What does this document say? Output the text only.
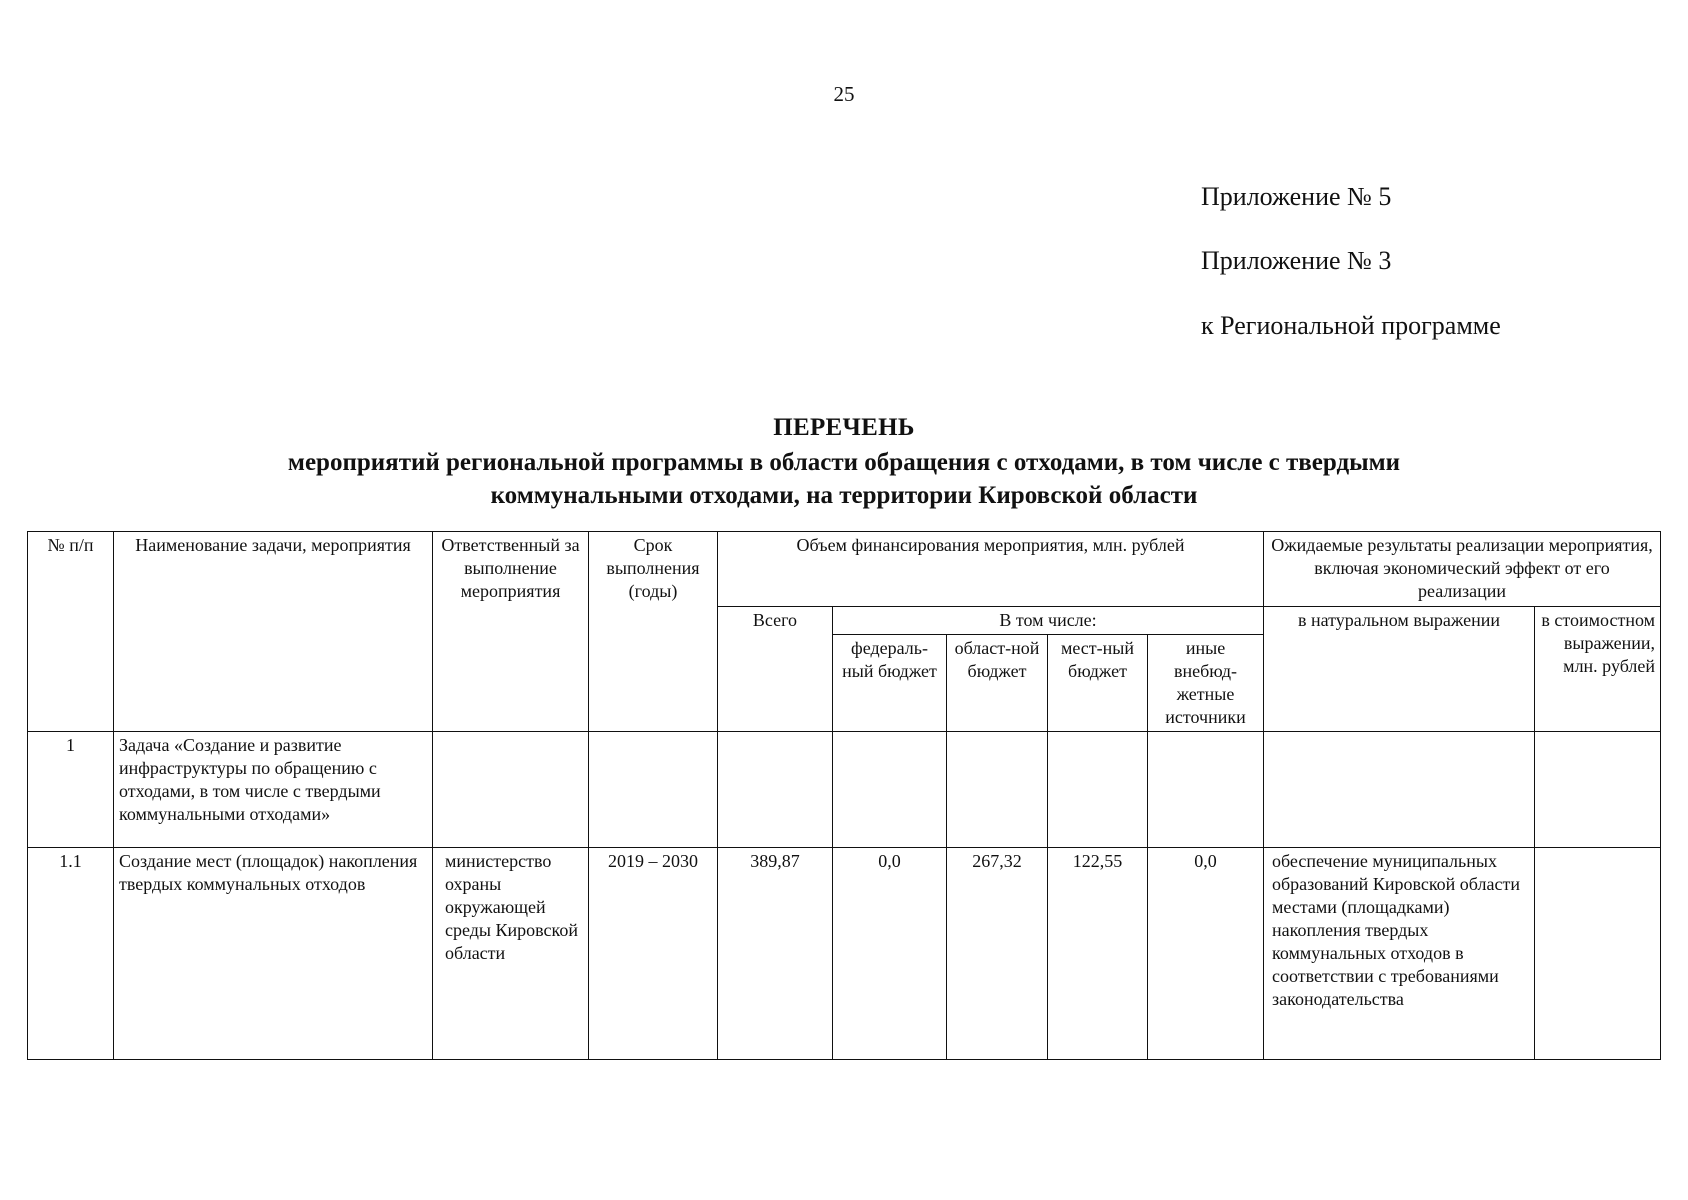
25
Приложение № 5
Приложение № 3
к Региональной программе
ПЕРЕЧЕНЬ
мероприятий региональной программы в области обращения с отходами, в том числе с твердыми коммунальными отходами, на территории Кировской области
№ п/п	Наименование задачи, мероприятия	Ответственный за выполнение мероприятия	Срок выполнения (годы)	Объем финансирования мероприятия, млн. рублей					Ожидаемые результаты реализации мероприятия, включая экономический эффект от его реализации	
				Всего	В том числе:				в натуральном выражении	в стоимостном выражении, млн. рублей
					федераль-ный бюджет	област-ной бюджет	мест-ный бюджет	иные внебюд-жетные источники		
1	Задача «Создание и развитие инфраструктуры по обращению с отходами, в том числе с твердыми коммунальными отходами»									
1.1	Создание мест (площадок) накопления твердых коммунальных отходов	министерство охраны окружающей среды Кировской области	2019 – 2030	389,87	0,0	267,32	122,55	0,0	обеспечение муниципальных образований Кировской области местами (площадками) накопления твердых коммунальных отходов в соответствии с требованиями законодательства	
